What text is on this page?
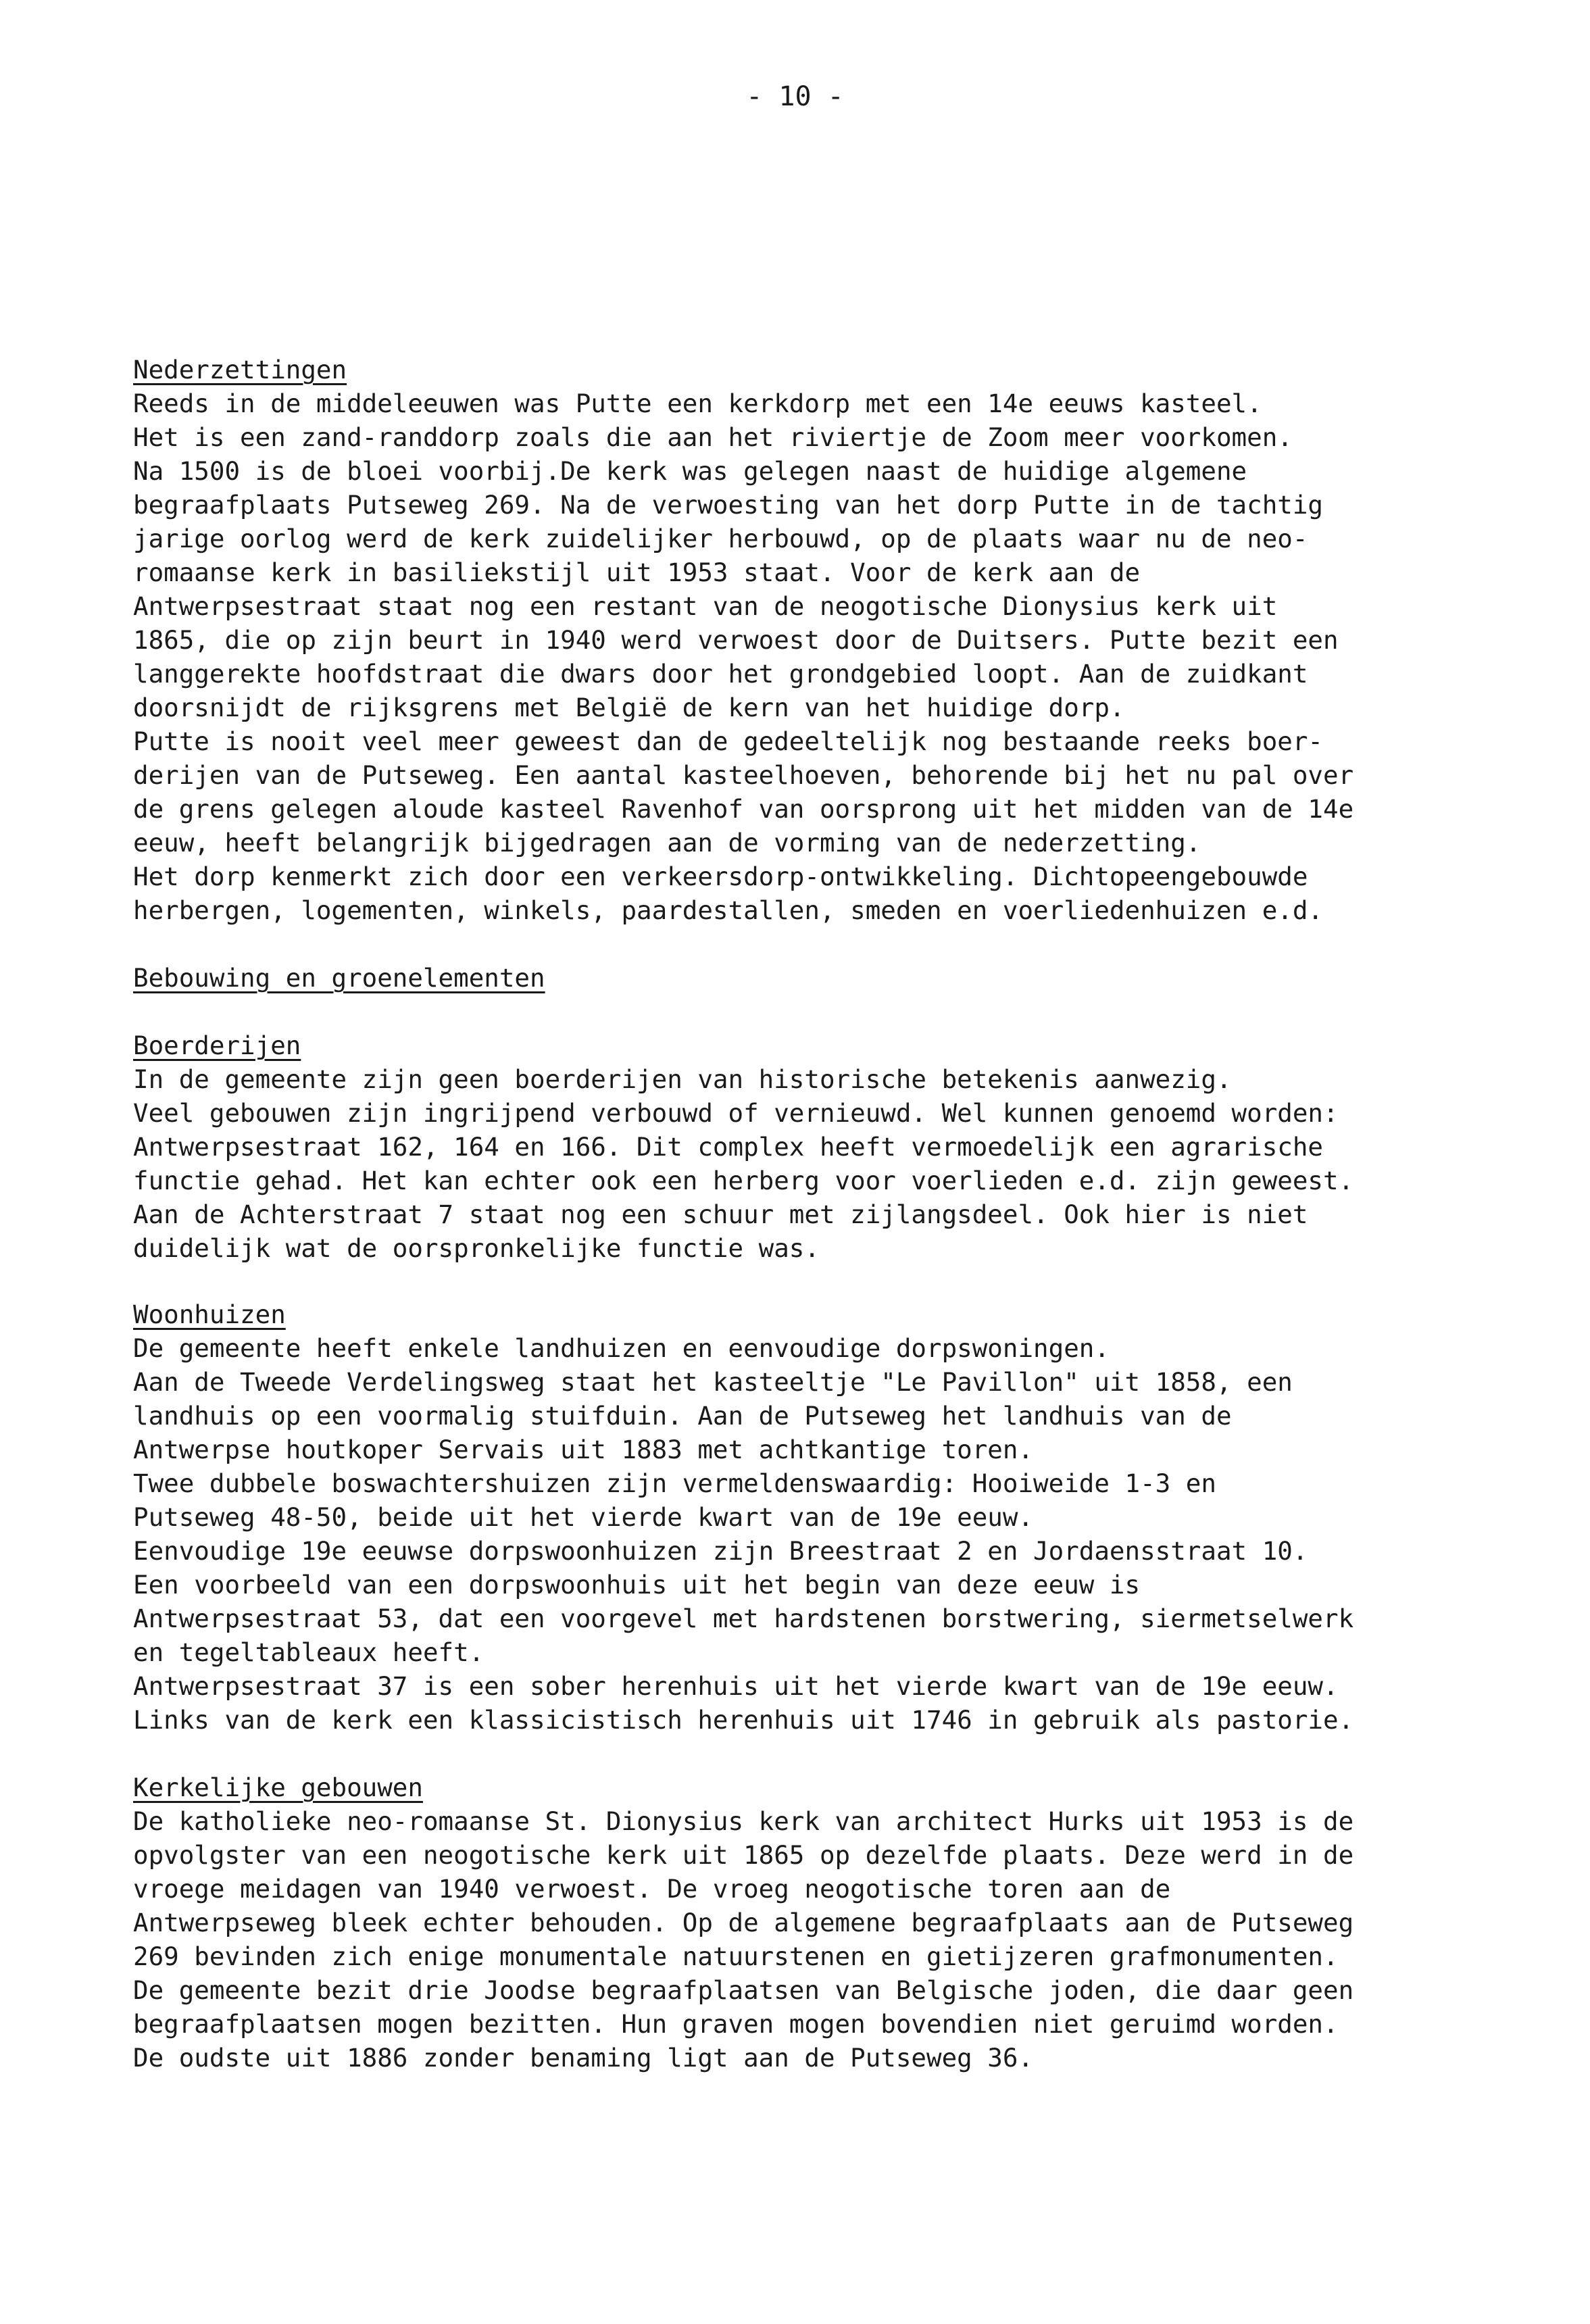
- 10 -
Nederzettingen
Reeds in de middeleeuwen was Putte een kerkdorp met een 14e eeuws kasteel.
Het is een zand-randdorp zoals die aan het riviertje de Zoom meer voorkomen.
Na 1500 is de bloei voorbij.De kerk was gelegen naast de huidige algemene
begraafplaats Putseweg 269. Na de verwoesting van het dorp Putte in de tachtig
jarige oorlog werd de kerk zuidelijker herbouwd, op de plaats waar nu de neo-
romaanse kerk in basiliekstijl uit 1953 staat. Voor de kerk aan de
Antwerpsestraat staat nog een restant van de neogotische Dionysius kerk uit
1865, die op zijn beurt in 1940 werd verwoest door de Duitsers. Putte bezit een
langgerekte hoofdstraat die dwars door het grondgebied loopt. Aan de zuidkant
doorsnijdt de rijksgrens met België de kern van het huidige dorp.
Putte is nooit veel meer geweest dan de gedeeltelijk nog bestaande reeks boer-
derijen van de Putseweg. Een aantal kasteelhoeven, behorende bij het nu pal over
de grens gelegen aloude kasteel Ravenhof van oorsprong uit het midden van de 14e
eeuw, heeft belangrijk bijgedragen aan de vorming van de nederzetting.
Het dorp kenmerkt zich door een verkeersdorp-ontwikkeling. Dichtopeengebouwde
herbergen, logementen, winkels, paardestallen, smeden en voerliedenhuizen e.d.
Bebouwing en groenelementen
Boerderijen
In de gemeente zijn geen boerderijen van historische betekenis aanwezig.
Veel gebouwen zijn ingrijpend verbouwd of vernieuwd. Wel kunnen genoemd worden:
Antwerpsestraat 162, 164 en 166. Dit complex heeft vermoedelijk een agrarische
functie gehad. Het kan echter ook een herberg voor voerlieden e.d. zijn geweest.
Aan de Achterstraat 7 staat nog een schuur met zijlangsdeel. Ook hier is niet
duidelijk wat de oorspronkelijke functie was.
Woonhuizen
De gemeente heeft enkele landhuizen en eenvoudige dorpswoningen.
Aan de Tweede Verdelingsweg staat het kasteeltje "Le Pavillon" uit 1858, een
landhuis op een voormalig stuifduin. Aan de Putseweg het landhuis van de
Antwerpse houtkoper Servais uit 1883 met achtkantige toren.
Twee dubbele boswachtershuizen zijn vermeldenswaardig: Hooiweide 1-3 en
Putseweg 48-50, beide uit het vierde kwart van de 19e eeuw.
Eenvoudige 19e eeuwse dorpswoonhuizen zijn Breestraat 2 en Jordaensstraat 10.
Een voorbeeld van een dorpswoonhuis uit het begin van deze eeuw is
Antwerpsestraat 53, dat een voorgevel met hardstenen borstwering, siermetselwerk
en tegeltableaux heeft.
Antwerpsestraat 37 is een sober herenhuis uit het vierde kwart van de 19e eeuw.
Links van de kerk een klassicistisch herenhuis uit 1746 in gebruik als pastorie.
Kerkelijke gebouwen
De katholieke neo-romaanse St. Dionysius kerk van architect Hurks uit 1953 is de
opvolgster van een neogotische kerk uit 1865 op dezelfde plaats. Deze werd in de
vroege meidagen van 1940 verwoest. De vroeg neogotische toren aan de
Antwerpseweg bleek echter behouden. Op de algemene begraafplaats aan de Putseweg
269 bevinden zich enige monumentale natuurstenen en gietijzeren grafmonumenten.
De gemeente bezit drie Joodse begraafplaatsen van Belgische joden, die daar geen
begraafplaatsen mogen bezitten. Hun graven mogen bovendien niet geruimd worden.
De oudste uit 1886 zonder benaming ligt aan de Putseweg 36.
